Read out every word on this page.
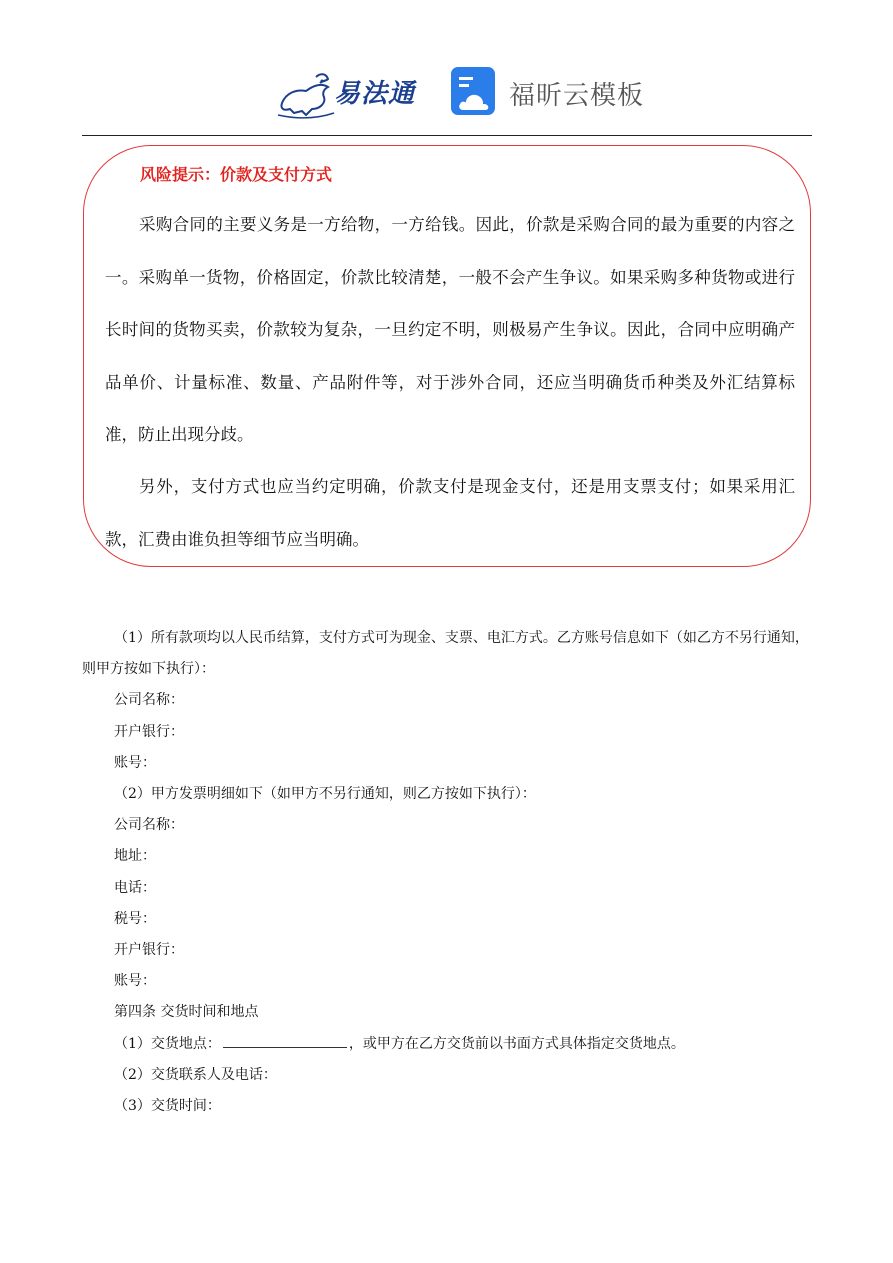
易法通	福昕云模板
风险提示：价款及支付方式

采购合同的主要义务是一方给物，一方给钱。因此，价款是采购合同的最为重要的内容之一。采购单一货物，价格固定，价款比较清楚，一般不会产生争议。如果采购多种货物或进行长时间的货物买卖，价款较为复杂，一旦约定不明，则极易产生争议。因此，合同中应明确产品单价、计量标准、数量、产品附件等，对于涉外合同，还应当明确货币种类及外汇结算标准，防止出现分歧。

另外，支付方式也应当约定明确，价款支付是现金支付，还是用支票支付；如果采用汇款，汇费由谁负担等细节应当明确。

（1）所有款项均以人民币结算，支付方式可为现金、支票、电汇方式。乙方账号信息如下（如乙方不另行通知，则甲方按如下执行）：

公司名称：

开户银行：

账号：

（2）甲方发票明细如下（如甲方不另行通知，则乙方按如下执行）：

公司名称：

地址：

电话：

税号：

开户银行：

账号：

第四条 交货时间和地点

（1）交货地点：	，或甲方在乙方交货前以书面方式具体指定交货地点。

（2）交货联系人及电话：

（3）交货时间：
